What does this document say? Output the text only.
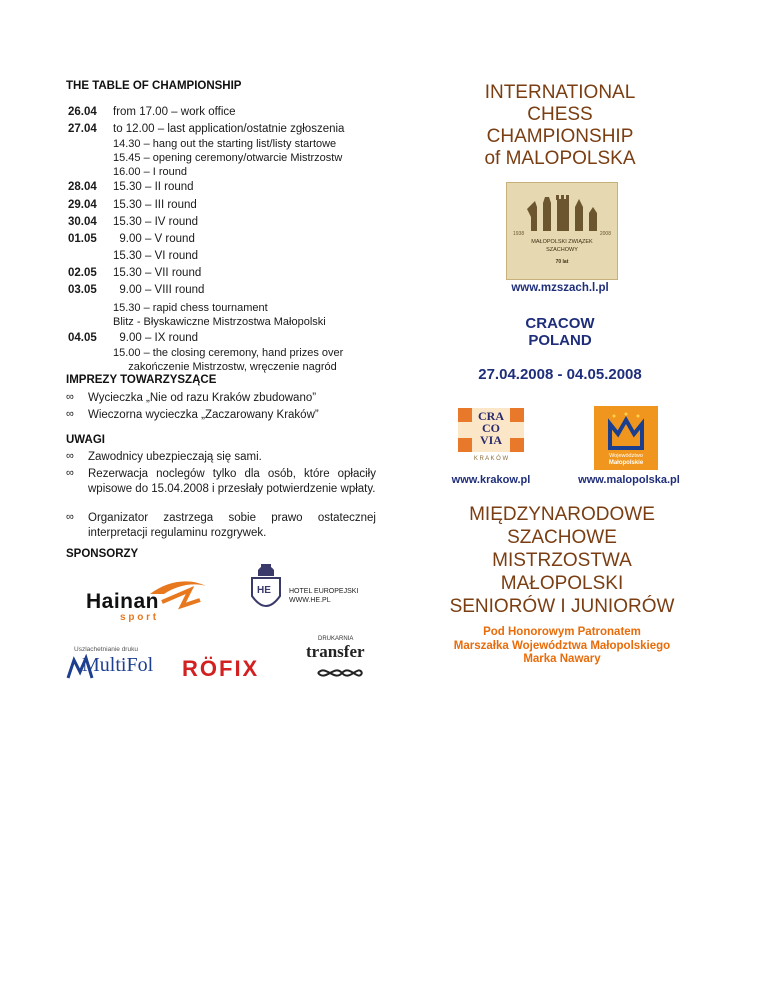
THE TABLE OF CHAMPIONSHIP
26.04	from 17.00 – work office
27.04	to 12.00 – last application/ostatnie zgłoszenia
14.30 – hang out the starting list/listy startowe
15.45 – opening ceremony/otwarcie Mistrzostw
16.00 – I round
28.04	15.30 – II round
29.04	15.30 – III round
30.04	15.30 – IV round
01.05	9.00 – V round
15.30 – VI round
02.05	15.30 – VII round
03.05	9.00 – VIII round
15.30 – rapid chess tournament
Blitz - Błyskawiczne Mistrzostwa Małopolski
04.05	9.00 – IX round
15.00 – the closing ceremony, hand prizes over
zakończenie Mistrzostw, wręczenie nagród
IMPREZY TOWARZYSZĄCE
∞ Wycieczka „Nie od razu Kraków zbudowano”
∞ Wieczorna wycieczka „Zaczarowany Kraków”
UWAGI
∞ Zawodnicy ubezpieczają się sami.
∞ Rezerwacja noclegów tylko dla osób, które opłaciły wpisowe do 15.04.2008 i przesłały potwierdzenie wpłaty.
∞ Organizator zastrzega sobie prawo ostatecznej interpretacji regulaminu rozgrywek.
SPONSORZY
Hainan
s p o r t
HE	HOTEL EUROPEJSKI
WWW.HE.PL
Uszlachetnianie druku
MultiFol RÖFIX
DRUKARNIA
transfer
INTERNATIONAL
CHESS
CHAMPIONSHIP
of MALOPOLSKA
1938	2008
MAŁOPOLSKI ZWIĄZEK
SZACHOWY
70 lat
www.mzszach.l.pl
CRACOW
POLAND
27.04.2008 - 04.05.2008
CRA
CO
VIA
K R A K Ó W	Województwo
Małopolskie
www.krakow.pl	www.malopolska.pl
MIĘDZYNARODOWE
SZACHOWE
MISTRZOSTWA
MAŁOPOLSKI
SENIORÓW I JUNIORÓW
Pod Honorowym Patronatem
Marszałka Województwa Małopolskiego
Marka Nawary
